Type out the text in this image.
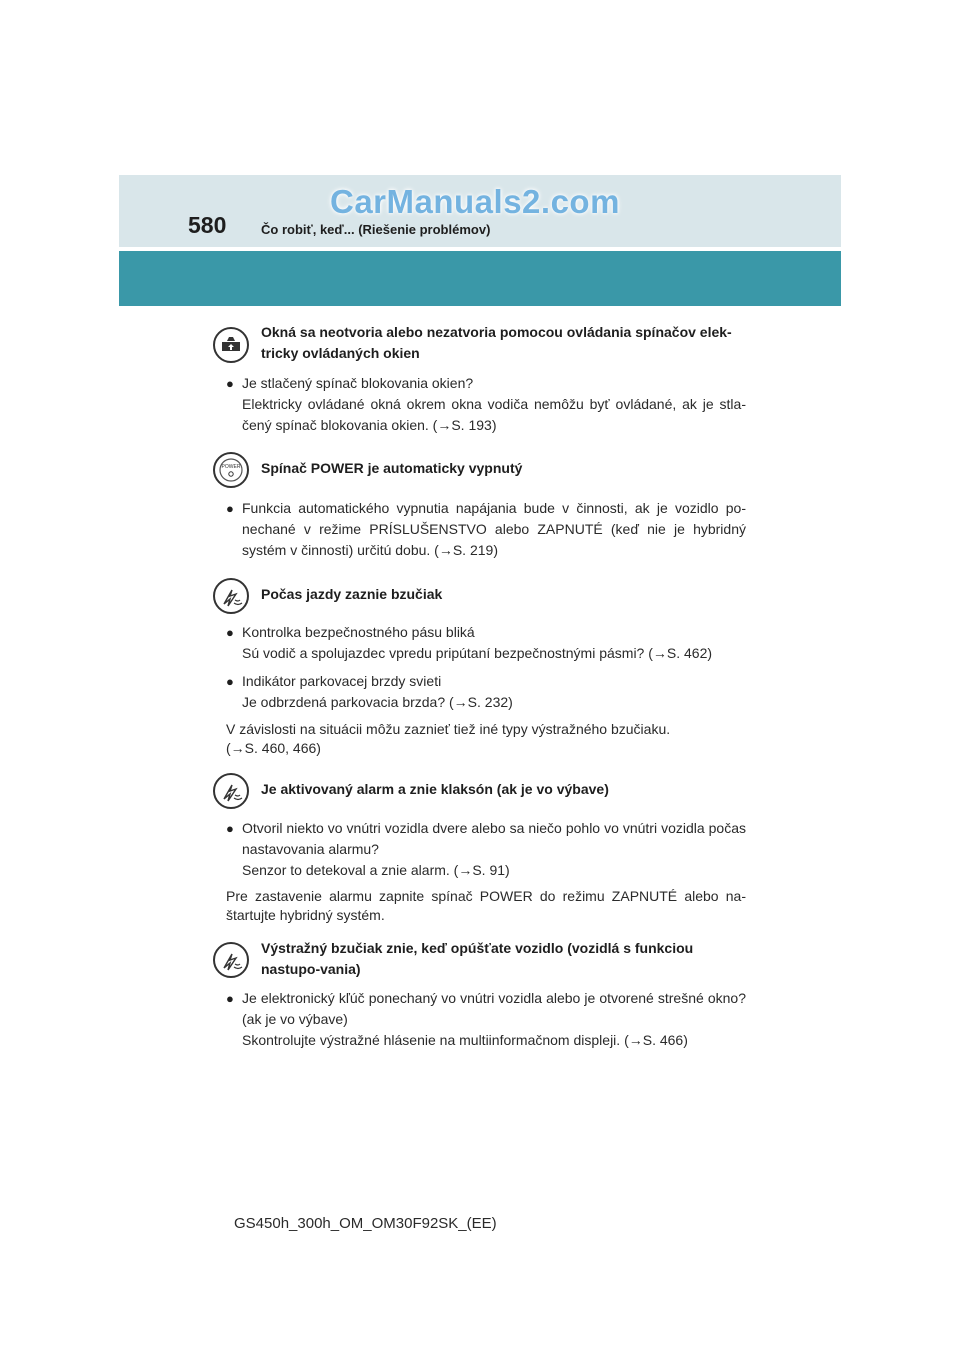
580	Čo robiť, keď... (Riešenie problémov)
CarManuals2.com
Okná sa neotvoria alebo nezatvoria pomocou ovládania spínačov elek-tricky ovládaných okien
● Je stlačený spínač blokovania okien?
Elektricky ovládané okná okrem okna vodiča nemôžu byť ovládané, ak je stla-čený spínač blokovania okien. (→S. 193)
POWER Spínač POWER je automaticky vypnutý
● Funkcia automatického vypnutia napájania bude v činnosti, ak je vozidlo po-nechané v režime PRÍSLUŠENSTVO alebo ZAPNUTÉ (keď nie je hybridný systém v činnosti) určitú dobu. (→S. 219)
Počas jazdy zaznie bzučiak
● Kontrolka bezpečnostného pásu bliká
Sú vodič a spolujazdec vpredu pripútaní bezpečnostnými pásmi? (→S. 462)
● Indikátor parkovacej brzdy svieti
Je odbrzdená parkovacia brzda? (→S. 232)
V závislosti na situácii môžu zaznieť tiež iné typy výstražného bzučiaku.
(→S. 460, 466)
Je aktivovaný alarm a znie klaksón (ak je vo výbave)
● Otvoril niekto vo vnútri vozidla dvere alebo sa niečo pohlo vo vnútri vozidla počas nastavovania alarmu?
Senzor to detekoval a znie alarm. (→S. 91)
Pre zastavenie alarmu zapnite spínač POWER do režimu ZAPNUTÉ alebo na-štartujte hybridný systém.
Výstražný bzučiak znie, keď opúšťate vozidlo (vozidlá s funkciou nastupo-vania)
● Je elektronický kľúč ponechaný vo vnútri vozidla alebo je otvorené strešné okno? (ak je vo výbave)
Skontrolujte výstražné hlásenie na multiinformačnom displeji. (→S. 466)
GS450h_300h_OM_OM30F92SK_(EE)
